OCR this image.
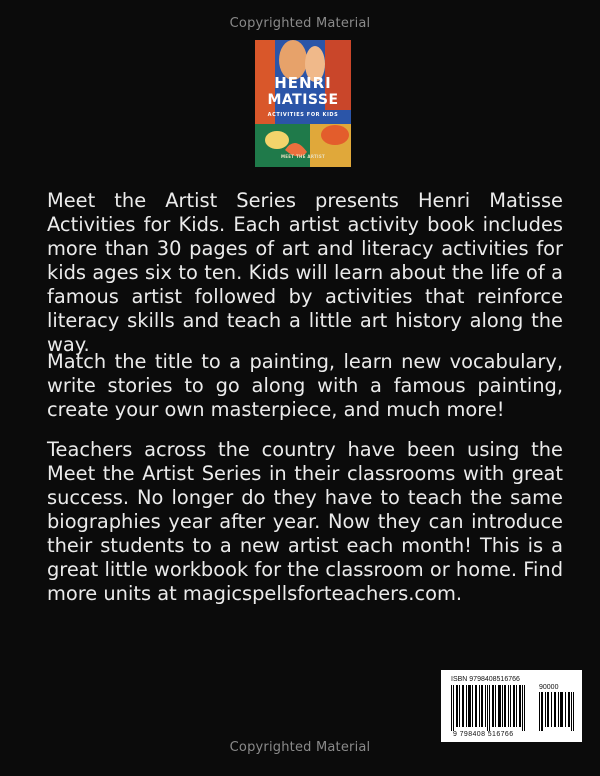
Copyrighted Material
HENRI
MATISSE
ACTIVITIES FOR KIDS
MEET THE ARTIST

Meet the Artist Series presents Henri Matisse Activities for Kids. Each artist activity book includes more than 30 pages of art and literacy activities for kids ages six to ten. Kids will learn about the life of a famous artist followed by activities that reinforce literacy skills and teach a little art history along the way.

Match the title to a painting, learn new vocabulary, write stories to go along with a famous painting, create your own masterpiece, and much more!

Teachers across the country have been using the Meet the Artist Series in their classrooms with great success. No longer do they have to teach the same biographies year after year. Now they can introduce their students to a new artist each month! This is a great little workbook for the classroom or home. Find more units at magicspellsforteachers.com.

ISBN 9798408516766
90000
9 798408 516766
Copyrighted Material
